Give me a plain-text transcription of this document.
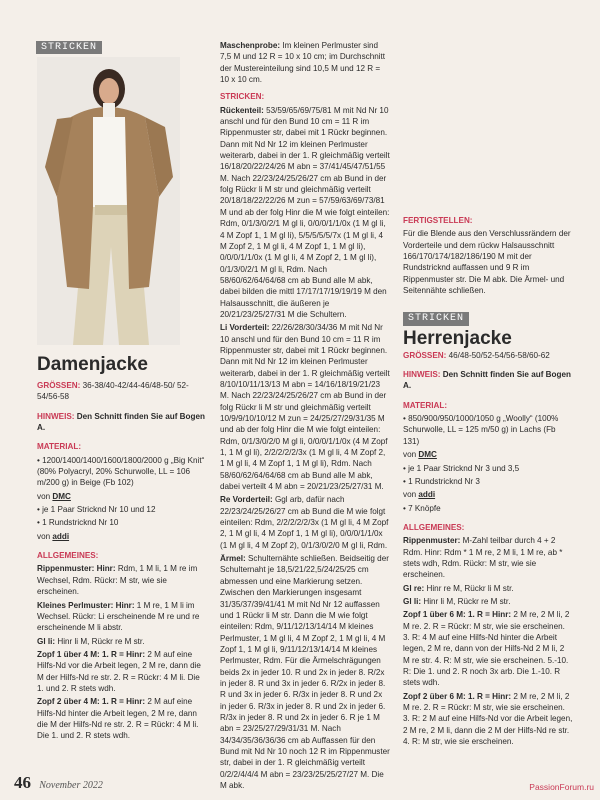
STRICKEN
Damenjacke

GRÖSSEN: 36-38/40-42/44-46/48-50/ 52-54/56-58

HINWEIS: Den Schnitt finden Sie auf Bogen A.

MATERIAL:

• 1200/1400/1400/1600/1800/2000 g „Big Knit“ (80% Polyacryl, 20% Schurwolle, LL = 106 m/200 g) in Beige (Fb 102)

von DMC

• je 1 Paar Stricknd Nr 10 und 12

• 1 Rundstricknd Nr 10

von addi

ALLGEMEINES:

Rippenmuster: Hinr: Rdm, 1 M li, 1 M re im Wechsel, Rdm. Rückr: M str, wie sie erscheinen.

Kleines Perlmuster: Hinr: 1 M re, 1 M li im Wechsel. Rückr: Li erscheinende M re und re erscheinende M li abstr.

Gl li: Hinr li M, Rückr re M str.

Zopf 1 über 4 M: 1. R = Hinr: 2 M auf eine Hilfs-Nd vor die Arbeit legen, 2 M re, dann die M der Hilfs-Nd re str. 2. R = Rückr: 4 M li. Die 1. und 2. R stets wdh.

Zopf 2 über 4 M: 1. R = Hinr: 2 M auf eine Hilfs-Nd hinter die Arbeit legen, 2 M re, dann die M der Hilfs-Nd re str. 2. R = Rückr: 4 M li. Die 1. und 2. R stets wdh.

Maschenprobe: Im kleinen Perlmuster sind 7,5 M und 12 R = 10 x 10 cm; im Durchschnitt der Mustereinteilung sind 10,5 M und 12 R = 10 x 10 cm.

STRICKEN:

Rückenteil: 53/59/65/69/75/81 M mit Nd Nr 10 anschl und für den Bund 10 cm = 11 R im Rippenmuster str, dabei mit 1 Rückr beginnen. Dann mit Nd Nr 12 im kleinen Perlmuster weiterarb, dabei in der 1. R gleichmäßig verteilt 16/18/20/22/24/26 M abn = 37/41/45/47/51/55 M. Nach 22/23/24/25/26/27 cm ab Bund in der folg Rückr li M str und gleichmäßig verteilt 20/18/18/22/22/26 M zun = 57/59/63/69/73/81 M und ab der folg Hinr die M wie folgt einteilen: Rdm, 0/1/3/0/2/1 M gl li, 0/0/0/1/1/0x (1 M gl li, 4 M Zopf 1, 1 M gl li), 5/5/5/5/5/7x (1 M gl li, 4 M Zopf 2, 1 M gl li, 4 M Zopf 1, 1 M gl li), 0/0/0/1/1/0x (1 M gl li, 4 M Zopf 2, 1 M gl li), 0/1/3/0/2/1 M gl li, Rdm. Nach 58/60/62/64/64/68 cm ab Bund alle M abk, dabei bilden die mittl 17/17/17/19/19/19 M den Halsausschnitt, die äußeren je 20/21/23/25/27/31 M die Schultern.

Li Vorderteil: 22/26/28/30/34/36 M mit Nd Nr 10 anschl und für den Bund 10 cm = 11 R im Rippenmuster str, dabei mit 1 Rückr beginnen. Dann mit Nd Nr 12 im kleinen Perlmuster weiterarb, dabei in der 1. R gleichmäßig verteilt 8/10/10/11/13/13 M abn = 14/16/18/19/21/23 M. Nach 22/23/24/25/26/27 cm ab Bund in der folg Rückr li M str und gleichmäßig verteilt 10/9/9/10/10/12 M zun = 24/25/27/29/31/35 M und ab der folg Hinr die M wie folgt einteilen: Rdm, 0/1/3/0/2/0 M gl li, 0/0/0/1/1/0x (4 M Zopf 1, 1 M gl li), 2/2/2/2/2/3x (1 M gl li, 4 M Zopf 2, 1 M gl li, 4 M Zopf 1, 1 M gl li), Rdm. Nach 58/60/62/64/64/68 cm ab Bund alle M abk, dabei verteilt 4 M abn = 20/21/23/25/27/31 M.

Re Vorderteil: Ggl arb, dafür nach 22/23/24/25/26/27 cm ab Bund die M wie folgt einteilen: Rdm, 2/2/2/2/2/3x (1 M gl li, 4 M Zopf 2, 1 M gl li, 4 M Zopf 1, 1 M gl li), 0/0/0/1/1/0x (1 M gl li, 4 M Zopf 2), 0/1/3/0/2/0 M gl li, Rdm.

Ärmel: Schulternähte schließen. Beidseitig der Schulternaht je 18,5/21/22,5/24/25/25 cm abmessen und eine Markierung setzen. Zwischen den Markierungen insgesamt 31/35/37/39/41/41 M mit Nd Nr 12 auffassen und 1 Rückr li M str. Dann die M wie folgt einteilen: Rdm, 9/11/12/13/14/14 M kleines Perlmuster, 1 M gl li, 4 M Zopf 2, 1 M gl li, 4 M Zopf 1, 1 M gl li, 9/11/12/13/14/14 M kleines Perlmuster, Rdm. Für die Ärmelschrägungen beids 2x in jeder 10. R und 2x in jeder 8. R/2x in jeder 8. R und 3x in jeder 6. R/2x in jeder 8. R und 3x in jeder 6. R/3x in jeder 8. R und 2x in jeder 6. R/3x in jeder 8. R und 2x in jeder 6. R/3x in jeder 8. R und 2x in jeder 6. R je 1 M abn = 23/25/27/29/31/31 M. Nach 34/34/35/36/36/36 cm ab Auffassen für den Bund mit Nd Nr 10 noch 12 R im Rippenmuster str, dabei in der 1. R gleichmäßig verteilt 0/2/2/4/4/4 M abn = 23/23/25/25/27/27 M. Die M abk.

FERTIGSTELLEN:

Für die Blende aus den Verschlussrändern der Vorderteile und dem rückw Halsausschnitt 166/170/174/182/186/190 M mit der Rundstricknd auffassen und 9 R im Rippenmuster str. Die M abk. Die Ärmel- und Seitennähte schließen.

STRICKEN
Herrenjacke

GRÖSSEN: 46/48-50/52-54/56-58/60-62

HINWEIS: Den Schnitt finden Sie auf Bogen A.

MATERIAL:

• 850/900/950/1000/1050 g „Woolly“ (100% Schurwolle, LL = 125 m/50 g) in Lachs (Fb 131)

von DMC

• je 1 Paar Stricknd Nr 3 und 3,5

• 1 Rundstricknd Nr 3

von addi

• 7 Knöpfe

ALLGEMEINES:

Rippenmuster: M-Zahl teilbar durch 4 + 2 Rdm. Hinr: Rdm * 1 M re, 2 M li, 1 M re, ab * stets wdh, Rdm. Rückr: M str, wie sie erscheinen.

Gl re: Hinr re M, Rückr li M str.

Gl li: Hinr li M, Rückr re M str.

Zopf 1 über 6 M: 1. R = Hinr: 2 M re, 2 M li, 2 M re. 2. R = Rückr: M str, wie sie erscheinen. 3. R: 4 M auf eine Hilfs-Nd hinter die Arbeit legen, 2 M re, dann von der Hilfs-Nd 2 M li, 2 M re str. 4. R: M str, wie sie erscheinen. 5.-10. R: Die 1. und 2. R noch 3x arb. Die 1.-10. R stets wdh.

Zopf 2 über 6 M: 1. R = Hinr: 2 M re, 2 M li, 2 M re. 2. R = Rückr: M str, wie sie erscheinen. 3. R: 2 M auf eine Hilfs-Nd vor die Arbeit legen, 2 M re, 2 M li, dann die 2 M der Hilfs-Nd re str. 4. R: M str, wie sie erscheinen.

46 November 2022	PassionForum.ru
